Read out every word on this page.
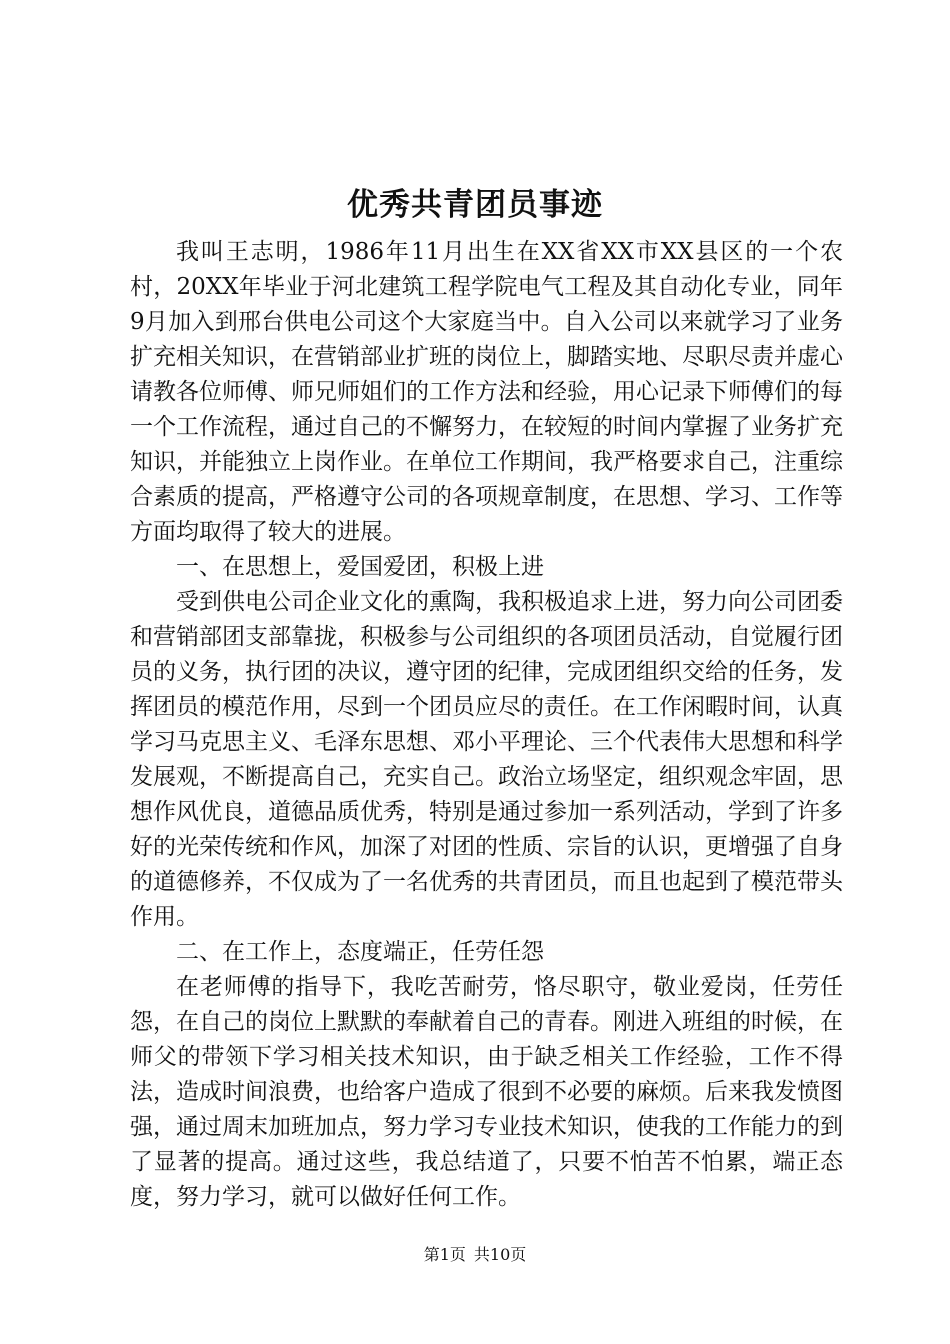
优秀共青团员事迹

我叫王志明，1986年11月出生在XX省XX市XX县区的一个农村，20XX年毕业于河北建筑工程学院电气工程及其自动化专业，同年9月加入到邢台供电公司这个大家庭当中。自入公司以来就学习了业务扩充相关知识，在营销部业扩班的岗位上，脚踏实地、尽职尽责并虚心请教各位师傅、师兄师姐们的工作方法和经验，用心记录下师傅们的每一个工作流程，通过自己的不懈努力，在较短的时间内掌握了业务扩充知识，并能独立上岗作业。在单位工作期间，我严格要求自己，注重综合素质的提高，严格遵守公司的各项规章制度，在思想、学习、工作等方面均取得了较大的进展。

一、在思想上，爱国爱团，积极上进

受到供电公司企业文化的熏陶，我积极追求上进，努力向公司团委和营销部团支部靠拢，积极参与公司组织的各项团员活动，自觉履行团员的义务，执行团的决议，遵守团的纪律，完成团组织交给的任务，发挥团员的模范作用，尽到一个团员应尽的责任。在工作闲暇时间，认真学习马克思主义、毛泽东思想、邓小平理论、三个代表伟大思想和科学发展观，不断提高自己，充实自己。政治立场坚定，组织观念牢固，思想作风优良，道德品质优秀，特别是通过参加一系列活动，学到了许多好的光荣传统和作风，加深了对团的性质、宗旨的认识，更增强了自身的道德修养，不仅成为了一名优秀的共青团员，而且也起到了模范带头作用。

二、在工作上，态度端正，任劳任怨

在老师傅的指导下，我吃苦耐劳，恪尽职守，敬业爱岗，任劳任怨，在自己的岗位上默默的奉献着自己的青春。刚进入班组的时候，在师父的带领下学习相关技术知识，由于缺乏相关工作经验，工作不得法，造成时间浪费，也给客户造成了很到不必要的麻烦。后来我发愤图强，通过周末加班加点，努力学习专业技术知识，使我的工作能力的到了显著的提高。通过这些，我总结道了，只要不怕苦不怕累，端正态度，努力学习，就可以做好任何工作。

第1页  共10页
